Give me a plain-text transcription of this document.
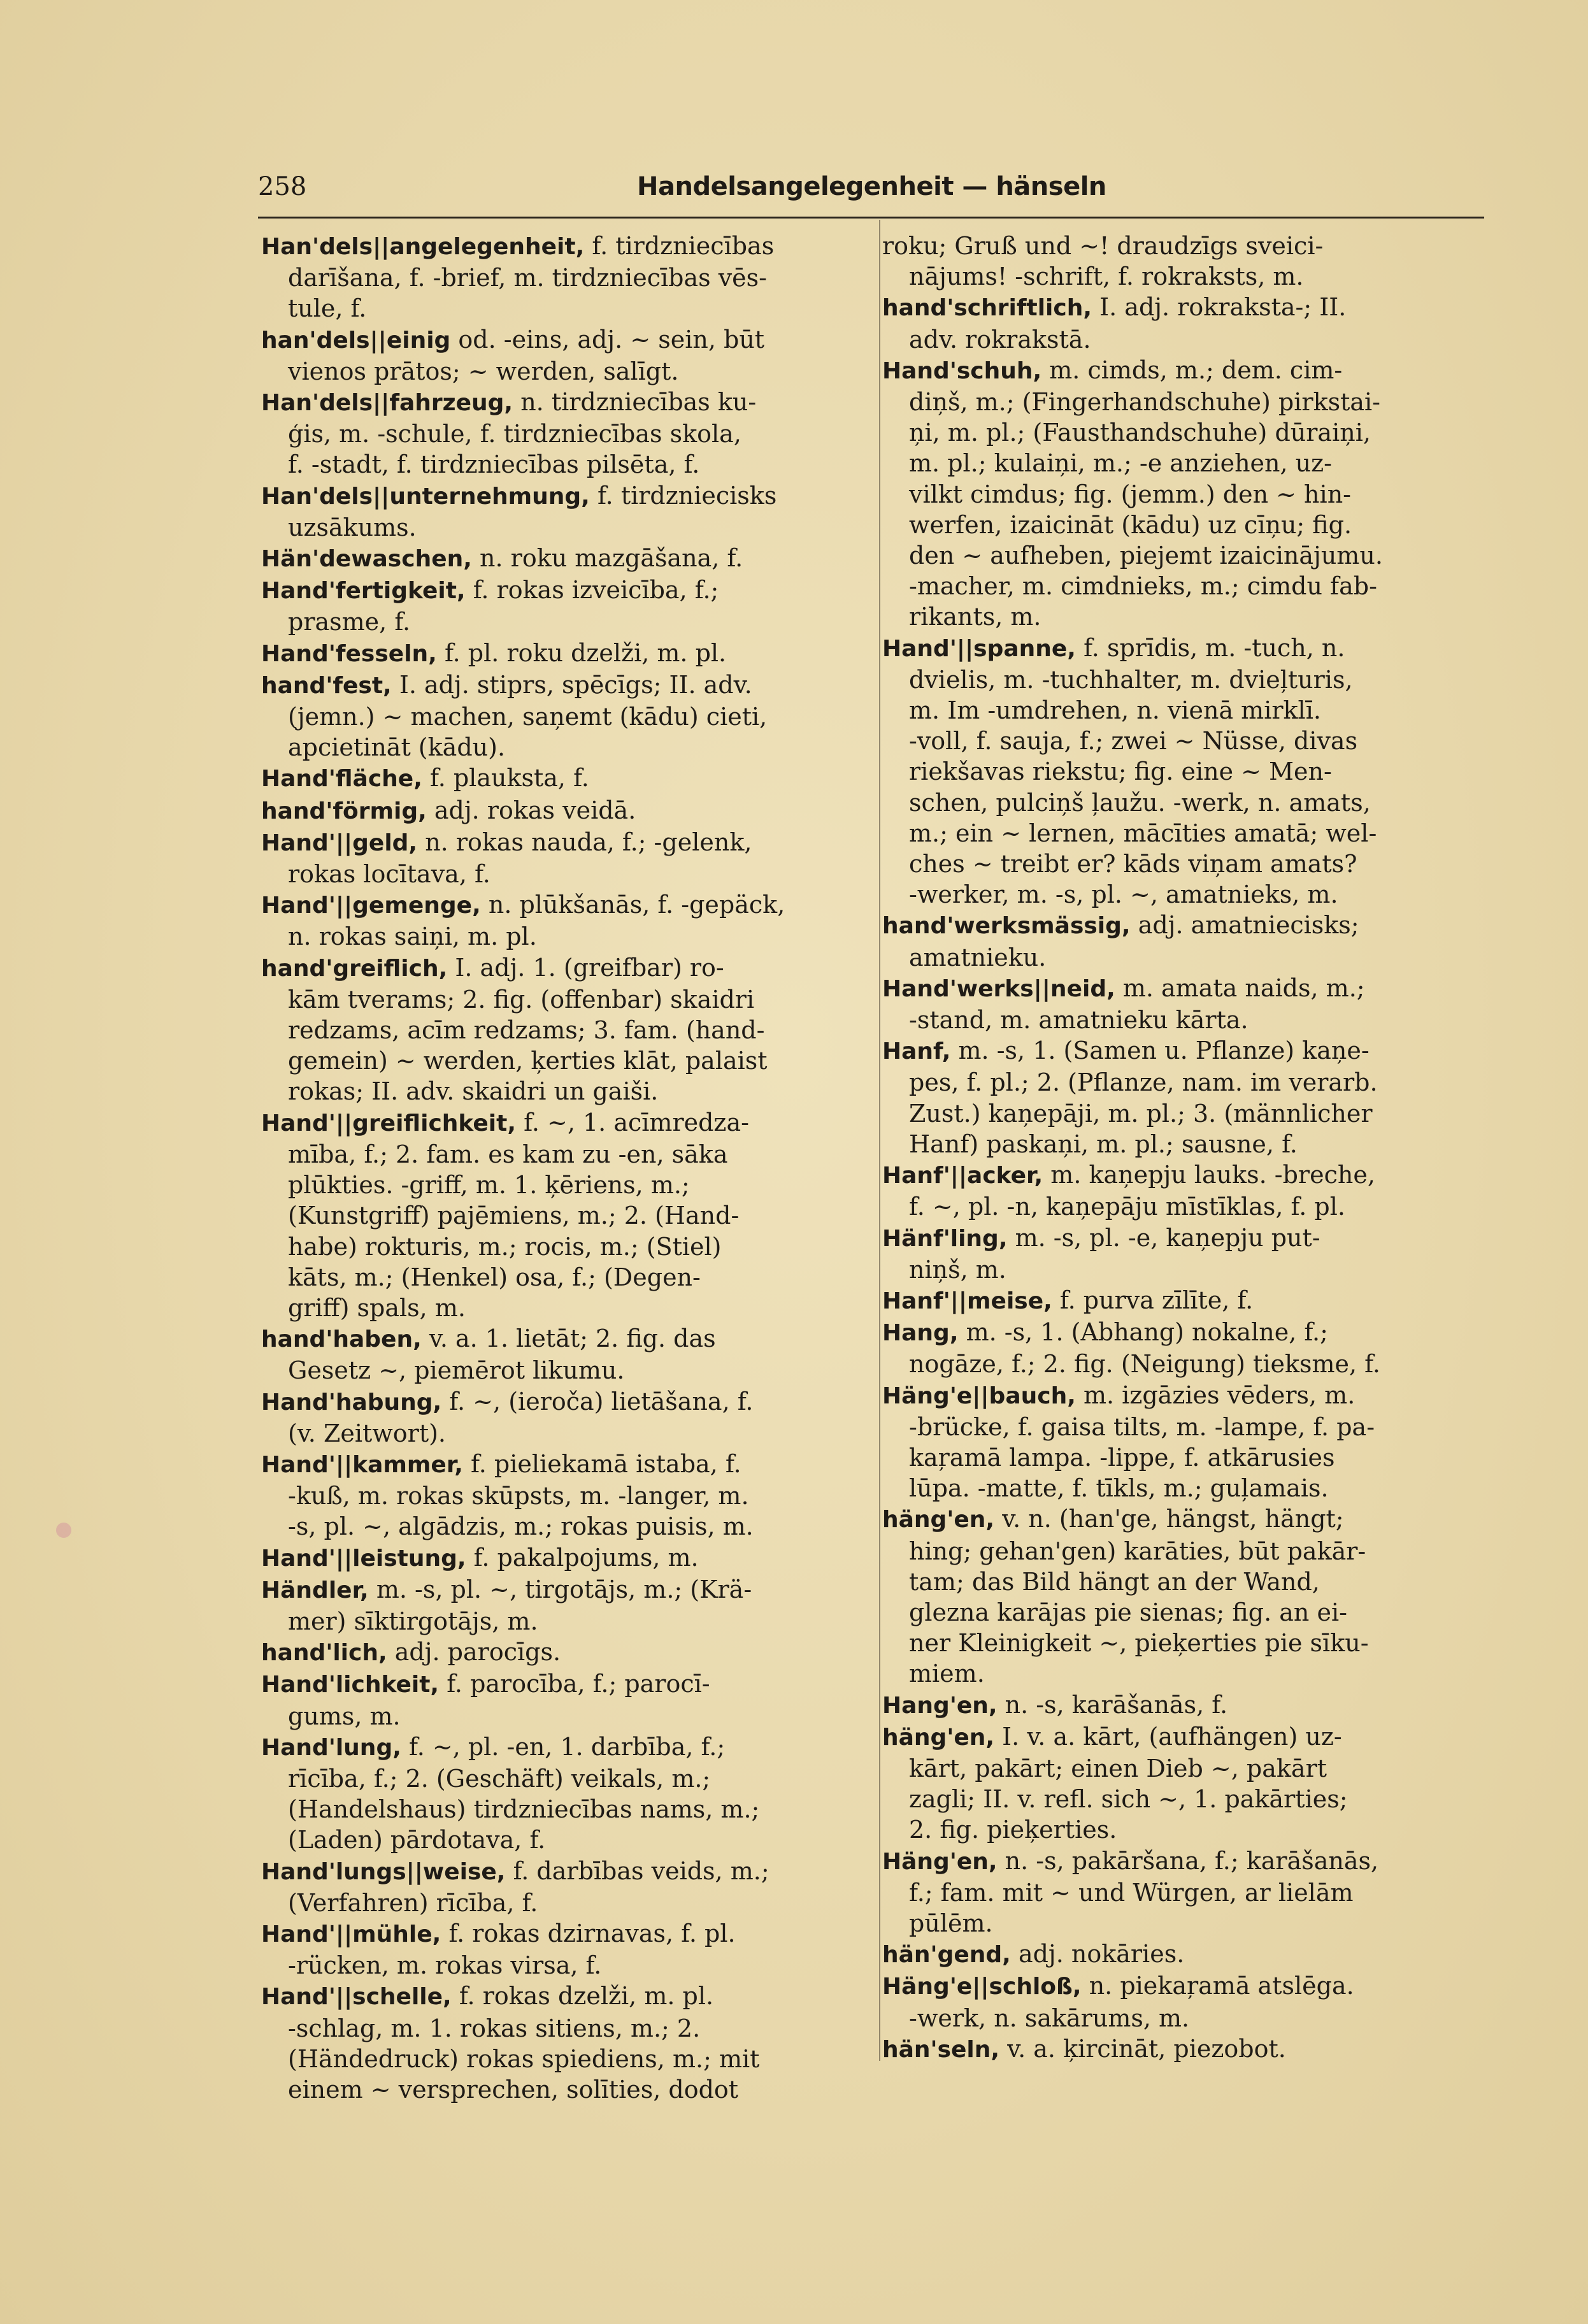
258	Handelsangelegenheit — hänseln
Han'dels||angelegenheit, f. tirdzniecības
darīšana, f. -brief, m. tirdzniecības vēs-
tule, f.
han'dels||einig od. -eins, adj. ~ sein, būt
vienos prātos; ~ werden, salīgt.
Han'dels||fahrzeug, n. tirdzniecības ku-
ģis, m. -schule, f. tirdzniecības skola,
f. -stadt, f. tirdzniecības pilsēta, f.
Han'dels||unternehmung, f. tirdzniecisks
uzsākums.
Hän'dewaschen, n. roku mazgāšana, f.
Hand'fertigkeit, f. rokas izveicība, f.;
prasme, f.
Hand'fesseln, f. pl. roku dzelži, m. pl.
hand'fest, I. adj. stiprs, spēcīgs; II. adv.
(jemn.) ~ machen, saņemt (kādu) cieti,
apcietināt (kādu).
Hand'fläche, f. plaukstа, f.
hand'förmig, adj. rokas veidā.
Hand'||geld, n. rokas nauda, f.; -gelenk,
rokas locītava, f.
Hand'||gemenge, n. plūkšanās, f. -gepäck,
n. rokas saiņi, m. pl.
hand'greiflich, I. adj. 1. (greifbar) ro-
kām tverams; 2. fig. (offenbar) skaidri
redzams, acīm redzams; 3. fam. (hand-
gemein) ~ werden, ķerties klāt, palaist
rokas; II. adv. skaidri un gaiši.
Hand'||greiflichkeit, f. ~, 1. acīmredza-
mība, f.; 2. fam. es kam zu -en, sāka
plūkties. -griff, m. 1. ķēriens, m.;
(Kunstgriff) pajēmiens, m.; 2. (Hand-
habe) rokturis, m.; rocis, m.; (Stiel)
kāts, m.; (Henkel) osa, f.; (Degen-
griff) spals, m.
hand'haben, v. a. 1. lietāt; 2. fig. das
Gesetz ~, piemērot likumu.
Hand'habung, f. ~, (ieroča) lietāšana, f.
(v. Zeitwort).
Hand'||kammer, f. pieliekamā istaba, f.
-kuß, m. rokas skūpsts, m. -langer, m.
-s, pl. ~, algādzis, m.; rokas puisis, m.
Hand'||leistung, f. pakalpojums, m.
Händler, m. -s, pl. ~, tirgotājs, m.; (Krä-
mer) sīktirgotājs, m.
hand'lich, adj. parocīgs.
Hand'lichkeit, f. parocība, f.; parocī-
gums, m.
Hand'lung, f. ~, pl. -en, 1. darbība, f.;
rīcība, f.; 2. (Geschäft) veikals, m.;
(Handelshaus) tirdzniecības nams, m.;
(Laden) pārdotava, f.
Hand'lungs||weise, f. darbības veids, m.;
(Verfahren) rīcība, f.
Hand'||mühle, f. rokas dzirnavas, f. pl.
-rücken, m. rokas virsa, f.
Hand'||schelle, f. rokas dzelži, m. pl.
-schlag, m. 1. rokas sitiens, m.; 2.
(Händedruck) rokas spiediens, m.; mit
einem ~ versprechen, solīties, dodot
roku; Gruß und ~! draudzīgs sveici-
nājums! -schrift, f. rokraksts, m.
hand'schriftlich, I. adj. rokraksta-; II.
adv. rokrakstā.
Hand'schuh, m. cimds, m.; dem. cim-
diņš, m.; (Fingerhandschuhe) pirkstai-
ņi, m. pl.; (Fausthandschuhe) dūraiņi,
m. pl.; kulaiņi, m.; -e anziehen, uz-
vilkt cimdus; fig. (jemm.) den ~ hin-
werfen, izaicināt (kādu) uz cīņu; fig.
den ~ aufheben, piejemt izaicinājumu.
-macher, m. cimdnieks, m.; cimdu fab-
rikants, m.
Hand'||spanne, f. sprīdis, m. -tuch, n.
dvielis, m. -tuchhalter, m. dvieļturis,
m. Im -umdrehen, n. vienā mirklī.
-voll, f. sauja, f.; zwei ~ Nüsse, divas
riekšavas riekstu; fig. eine ~ Men-
schen, pulciņš ļaužu. -werk, n. amats,
m.; ein ~ lernen, mācīties amatā; wel-
ches ~ treibt er? kāds viņam amats?
-werker, m. -s, pl. ~, amatnieks, m.
hand'werksmässig, adj. amatniecisks;
amatnieku.
Hand'werks||neid, m. amata naids, m.;
-stand, m. amatnieku kārta.
Hanf, m. -s, 1. (Samen u. Pflanze) kaņe-
pes, f. pl.; 2. (Pflanze, nam. im verarb.
Zust.) kaņepāji, m. pl.; 3. (männlicher
Hanf) paskaņi, m. pl.; sausne, f.
Hanf'||acker, m. kaņepju lauks. -breche,
f. ~, pl. -n, kaņepāju mīstīklas, f. pl.
Hänf'ling, m. -s, pl. -e, kaņepju put-
niņš, m.
Hanf'||meise, f. purva zīlīte, f.
Hang, m. -s, 1. (Abhang) nokalne, f.;
nogāze, f.; 2. fig. (Neigung) tieksme, f.
Häng'e||bauch, m. izgāzies vēders, m.
-brücke, f. gaisa tilts, m. -lampe, f. pa-
kaŗamā lampa. -lippe, f. atkārusies
lūpa. -matte, f. tīkls, m.; guļamais.
häng'en, v. n. (han'ge, hängst, hängt;
hing; gehan'gen) karāties, būt pakār-
tam; das Bild hängt an der Wand,
glezna karājas pie sienas; fig. an ei-
ner Kleinigkeit ~, pieķerties pie sīku-
miem.
Hang'en, n. -s, karāšanās, f.
häng'en, I. v. a. kārt, (aufhängen) uz-
kārt, pakārt; einen Dieb ~, pakārt
zagli; II. v. refl. sich ~, 1. pakārties;
2. fig. pieķerties.
Häng'en, n. -s, pakāršana, f.; karāšanās,
f.; fam. mit ~ und Würgen, ar lielām
pūlēm.
hän'gend, adj. nokāries.
Häng'e||schloß, n. piekaŗamā atslēga.
-werk, n. sakārums, m.
hän'seln, v. a. ķircināt, piezobot.
